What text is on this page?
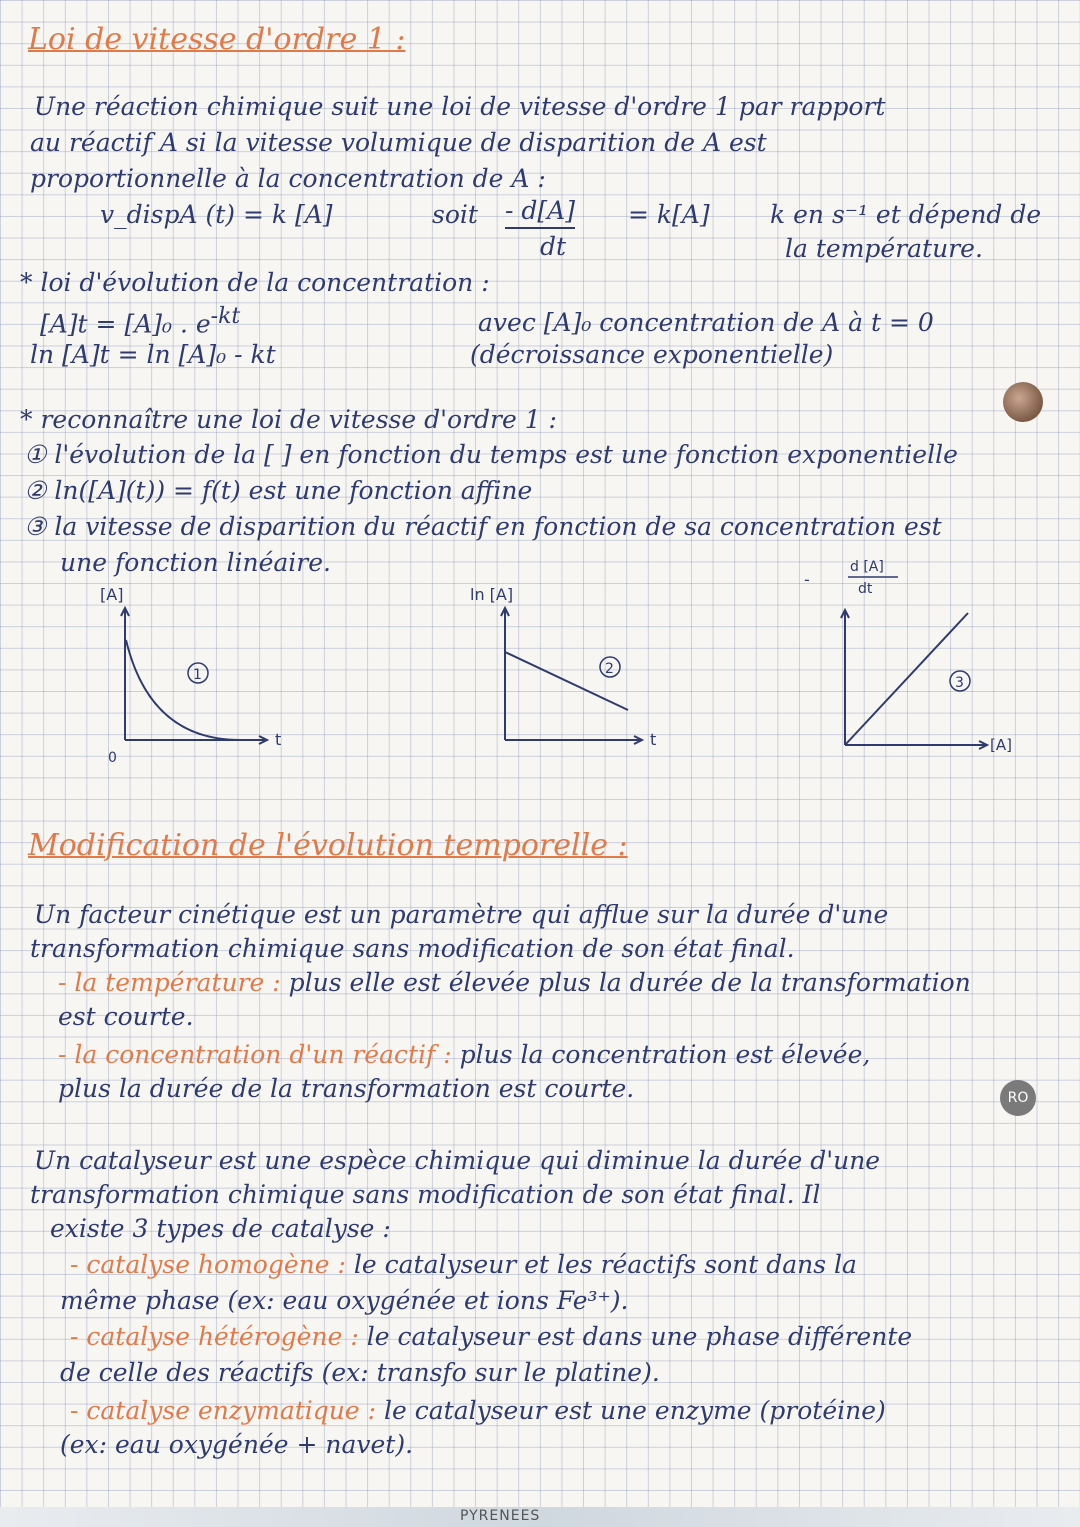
Loi de vitesse d'ordre 1 :
Une réaction chimique suit une loi de vitesse d'ordre 1 par rapport
au réactif A si la vitesse volumique de disparition de A est
proportionnelle à la concentration de A :
v_dispA (t) = k [A]	soit - d[A]
dt
= k[A] k en s⁻¹ et dépend de
la température.
* loi d'évolution de la concentration :
[A]t = [A]₀ . $e^{-kt}$
ln [A]t = ln [A]₀ - kt
avec [A]₀ concentration de A à t = 0
(décroissance exponentielle)
* reconnaître une loi de vitesse d'ordre 1 :
① l'évolution de la [ ] en fonction du temps est une fonction exponentielle
② ln([A](t)) = f(t) est une fonction affine
③ la vitesse de disparition du réactif en fonction de sa concentration est
une fonction linéaire.
[A]
t
0
1
ln [A]
t
2
-
d [A]
dt
[A]
3
Modification de l'évolution temporelle :
Un facteur cinétique est un paramètre qui afflue sur la durée d'une
transformation chimique sans modification de son état final.
- la température : plus elle est élevée plus la durée de la transformation
est courte.
- la concentration d'un réactif : plus la concentration est élevée,
plus la durée de la transformation est courte.	RO
Un catalyseur est une espèce chimique qui diminue la durée d'une
transformation chimique sans modification de son état final. Il
existe 3 types de catalyse :
- catalyse homogène : le catalyseur et les réactifs sont dans la
même phase (ex: eau oxygénée et ions Fe³⁺).
- catalyse hétérogène : le catalyseur est dans une phase différente
de celle des réactifs (ex: transfo sur le platine).
- catalyse enzymatique : le catalyseur est une enzyme (protéine)
(ex: eau oxygénée + navet).
PYRENEES
